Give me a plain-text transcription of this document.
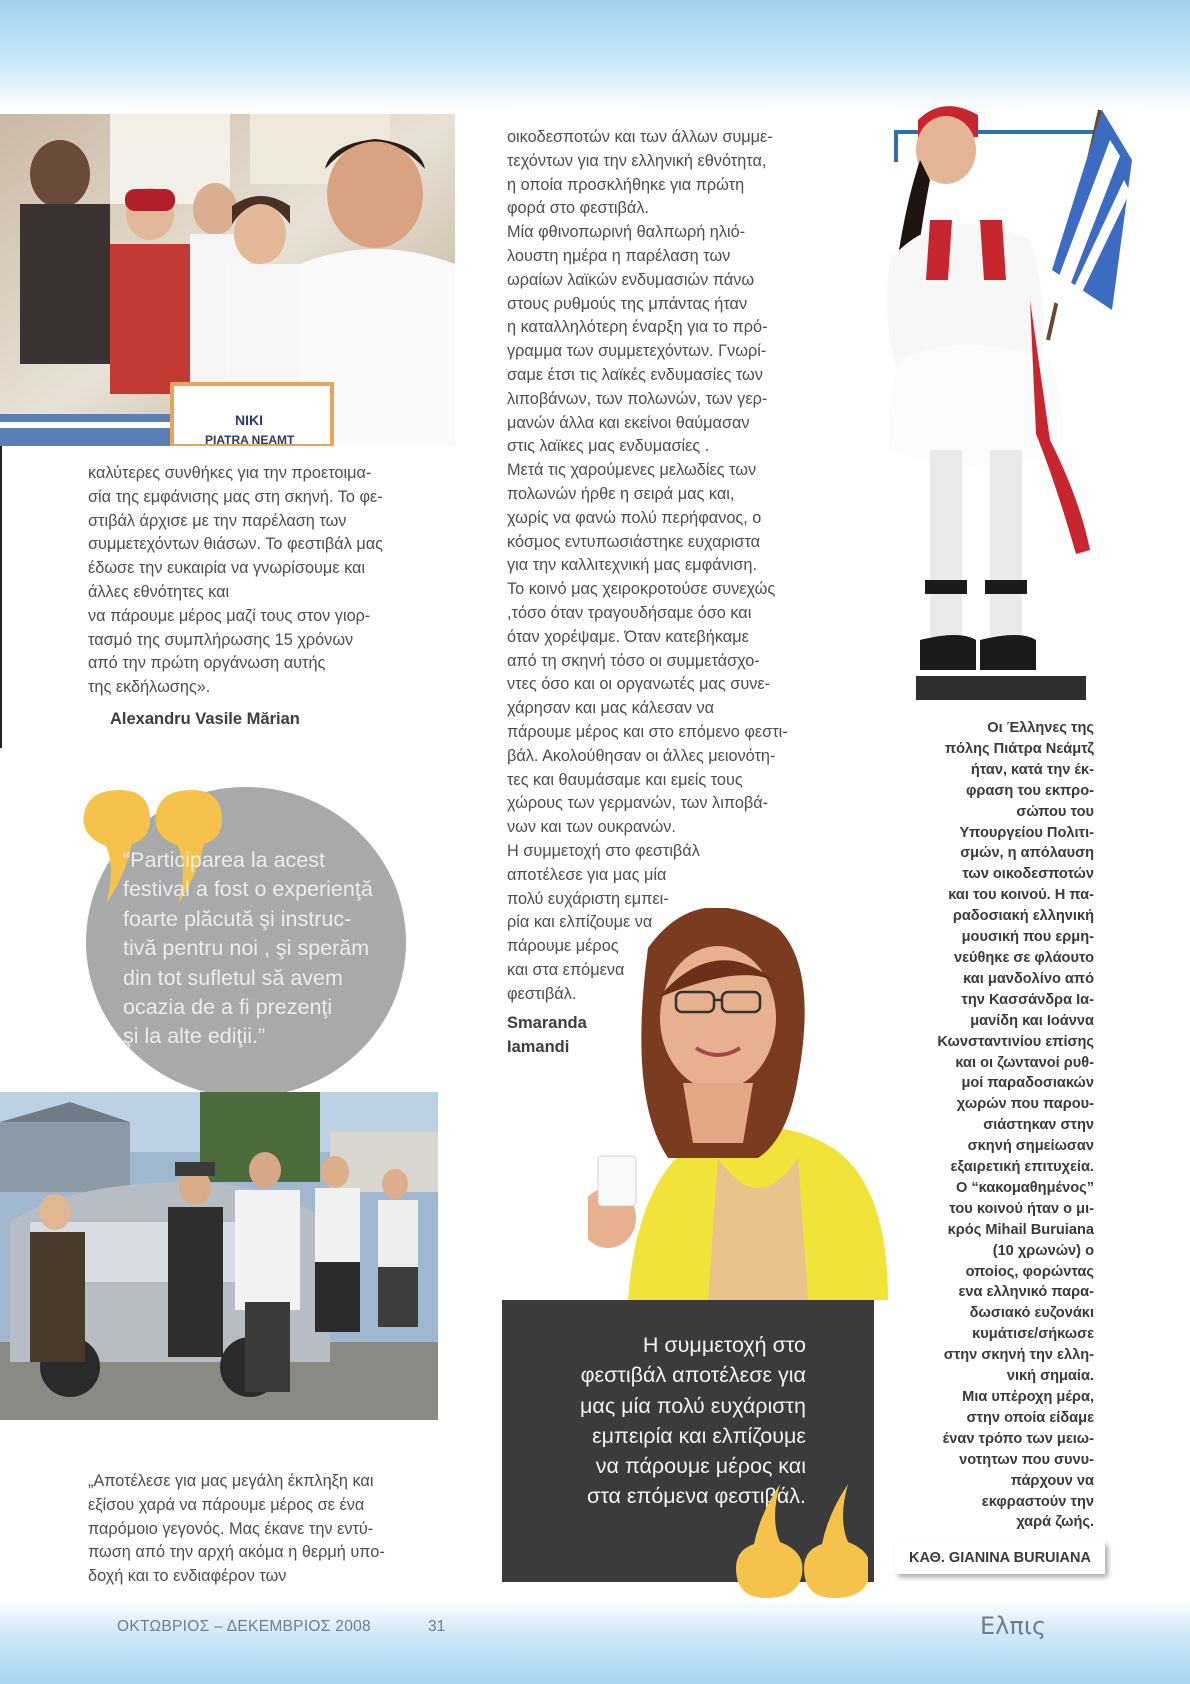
NIKI
PIATRA NEAMT

καλύτερες συνθήκες για την προετοιμα-
σία της εμφάνισης μας στη σκηνή. Το φε-
στιβάλ άρχισε με την παρέλαση των
συμμετεχόντων θιάσων. Το φεστιβάλ μας
έδωσε την ευκαιρία να γνωρίσουμε και
άλλες εθνότητες και
να πάρουμε μέρος μαζί τους στον γιορ-
τασμό της συμπλήρωσης 15 χρόνων
από την πρώτη οργάνωση αυτής
της εκδήλωσης».

Alexandru Vasile Mărian

“Participarea la acest
festival a fost o experienţă
foarte plăcută şi instruc-
tivă pentru noi , şi sperăm
din tot sufletul să avem
ocazia de a fi prezenţi
şi la alte ediţii.”

„Αποτέλεσε για μας μεγάλη έκπληξη και
εξίσου χαρά να πάρουμε μέρος σε ένα
παρόμοιο γεγονός. Μας έκανε την εντύ-
πωση από την αρχή ακόμα η θερμή υπο-
δοχή και το ενδιαφέρον των

οικοδεσποτών και των άλλων συμμε-
τεχόντων για την ελληνική εθνότητα,
η οποία προσκλήθηκε για πρώτη
φορά στο φεστιβάλ.

Μία φθινοπωρινή θαλπωρή ηλιό-
λουστη ημέρα η παρέλαση των
ωραίων λαϊκών ενδυμασιών πάνω
στους ρυθμούς της μπάντας ήταν
η καταλληλότερη έναρξη για το πρό-
γραμμα των συμμετεχόντων. Γνωρί-
σαμε έτσι τις λαϊκές ενδυμασίες των
λιποβάνων, των πολωνών, των γερ-
μανών άλλα και εκείνοι θαύμασαν
στις λαϊκες μας ενδυμασίες .

Μετά τις χαρούμενες μελωδίες των
πολωνών ήρθε η σειρά μας και,
χωρίς να φανώ πολύ περήφανος, ο
κόσμος εντυπωσιάστηκε ευχαριστα
για την καλλιτεχνική μας εμφάνιση.
Το κοινό μας χειροκροτούσε συνεχώς
,τόσο όταν τραγουδήσαμε όσο και
όταν χορέψαμε. Όταν κατεβήκαμε
από τη σκηνή τόσο οι συμμετάσχο-
ντες όσο και οι οργανωτές μας συνε-
χάρησαν και μας κάλεσαν να
πάρουμε μέρος και στο επόμενο φεστι-
βάλ. Ακολούθησαν οι άλλες μειονότη-
τες και θαυμάσαμε και εμείς τους
χώρους των γερμανών, των λιποβά-
νων και των ουκρανών.

Η συμμετοχή στο φεστιβάλ
αποτέλεσε για μας μία
πολύ ευχάριστη εμπει-
ρία και ελπίζουμε να
πάρουμε μέρος
και στα επόμενα
φεστιβάλ.

Smaranda

Iamandi

Η συμμετοχή στο
φεστιβάλ αποτέλεσε για
μας μία πολύ ευχάριστη
εμπειρία και ελπίζουμε
να πάρουμε μέρος και
στα επόμενα φεστιβάλ.
Οι Έλληνες της
πόλης Πιάτρα Νεάμτζ
ήταν, κατά την έκ-
φραση του εκπρο-
σώπου του
Υπουργείου Πολιτι-
σμών, η απόλαυση
των οικοδεσποτών
και του κοινού. Η πα-
ραδοσιακή ελληνική
μουσική που ερμη-
νεύθηκε σε φλάουτο
και μανδολίνο από
την Κασσάνδρα Ια-
μανίδη και Ιοάννα
Κωνσταντινίου επίσης
και οι ζωντανοί ρυθ-
μοί παραδοσιακών
χωρών που παρου-
σιάστηκαν στην
σκηνή σημείωσαν
εξαιρετική επιτυχεία.
Ο “κακομαθημένος”
του κοινού ήταν ο μι-
κρός Mihail Buruiana
(10 χρωνών) ο
οποίος, φορώντας
ενα ελληνικό παρα-
δωσιακό ευζονάκι
κυμάτισε/σήκωσε
στην σκηνή την ελλη-
νική σημαία.
Μια υπέροχη μέρα,
στην οποία είδαμε
έναν τρόπο των μειω-
νοτητων που συνυ-
πάρχουν να
εκφραστούν την
χαρά ζωής.
ΚΑΘ. GIANINA BURUIANA
ΟΚΤΩΒΡΙΟΣ – ΔΕΚΕΜΒΡΙΟΣ 2008	31	Ελπις
